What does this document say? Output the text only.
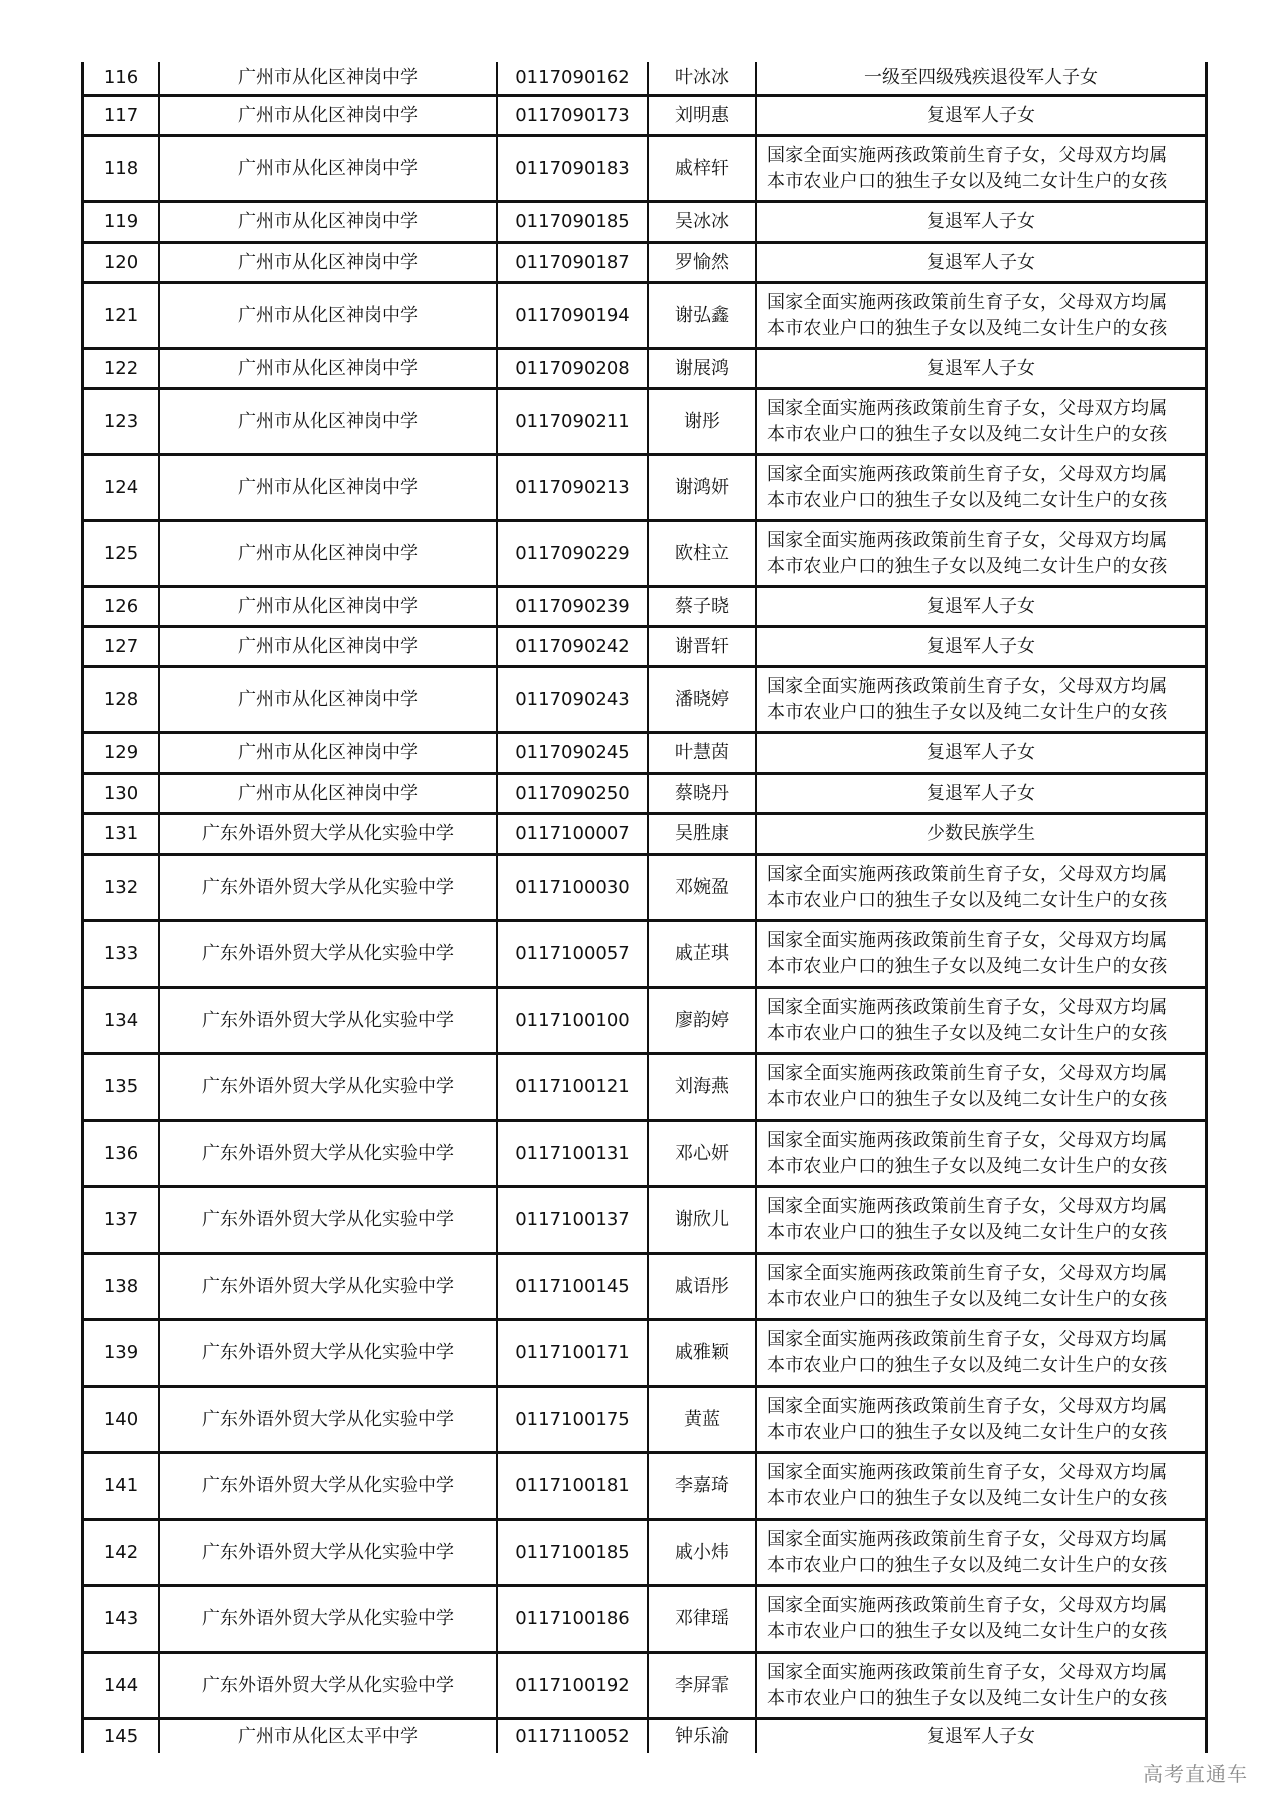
116	广州市从化区神岗中学	0117090162	叶冰冰	一级至四级残疾退役军人子女
117	广州市从化区神岗中学	0117090173	刘明惠	复退军人子女
118	广州市从化区神岗中学	0117090183	戚梓轩
国家全面实施两孩政策前生育子女，父母双方均属
本市农业户口的独生子女以及纯二女计生户的女孩
119	广州市从化区神岗中学	0117090185	吴冰冰	复退军人子女
120	广州市从化区神岗中学	0117090187	罗愉然	复退军人子女
121	广州市从化区神岗中学	0117090194	谢弘鑫
国家全面实施两孩政策前生育子女，父母双方均属
本市农业户口的独生子女以及纯二女计生户的女孩
122	广州市从化区神岗中学	0117090208	谢展鸿	复退军人子女
123	广州市从化区神岗中学	0117090211	谢彤
国家全面实施两孩政策前生育子女，父母双方均属
本市农业户口的独生子女以及纯二女计生户的女孩
124	广州市从化区神岗中学	0117090213	谢鸿妍
国家全面实施两孩政策前生育子女，父母双方均属
本市农业户口的独生子女以及纯二女计生户的女孩
125	广州市从化区神岗中学	0117090229	欧柱立
国家全面实施两孩政策前生育子女，父母双方均属
本市农业户口的独生子女以及纯二女计生户的女孩
126	广州市从化区神岗中学	0117090239	蔡子晓	复退军人子女
127	广州市从化区神岗中学	0117090242	谢晋轩	复退军人子女
128	广州市从化区神岗中学	0117090243	潘晓婷
国家全面实施两孩政策前生育子女，父母双方均属
本市农业户口的独生子女以及纯二女计生户的女孩
129	广州市从化区神岗中学	0117090245	叶慧茵	复退军人子女
130	广州市从化区神岗中学	0117090250	蔡晓丹	复退军人子女
131	广东外语外贸大学从化实验中学	0117100007	吴胜康	少数民族学生
132	广东外语外贸大学从化实验中学	0117100030	邓婉盈
国家全面实施两孩政策前生育子女，父母双方均属
本市农业户口的独生子女以及纯二女计生户的女孩
133	广东外语外贸大学从化实验中学	0117100057	戚芷琪
国家全面实施两孩政策前生育子女，父母双方均属
本市农业户口的独生子女以及纯二女计生户的女孩
134	广东外语外贸大学从化实验中学	0117100100	廖韵婷
国家全面实施两孩政策前生育子女，父母双方均属
本市农业户口的独生子女以及纯二女计生户的女孩
135	广东外语外贸大学从化实验中学	0117100121	刘海燕
国家全面实施两孩政策前生育子女，父母双方均属
本市农业户口的独生子女以及纯二女计生户的女孩
136	广东外语外贸大学从化实验中学	0117100131	邓心妍
国家全面实施两孩政策前生育子女，父母双方均属
本市农业户口的独生子女以及纯二女计生户的女孩
137	广东外语外贸大学从化实验中学	0117100137	谢欣儿
国家全面实施两孩政策前生育子女，父母双方均属
本市农业户口的独生子女以及纯二女计生户的女孩
138	广东外语外贸大学从化实验中学	0117100145	戚语彤
国家全面实施两孩政策前生育子女，父母双方均属
本市农业户口的独生子女以及纯二女计生户的女孩
139	广东外语外贸大学从化实验中学	0117100171	戚雅颖
国家全面实施两孩政策前生育子女，父母双方均属
本市农业户口的独生子女以及纯二女计生户的女孩
140	广东外语外贸大学从化实验中学	0117100175	黄蓝
国家全面实施两孩政策前生育子女，父母双方均属
本市农业户口的独生子女以及纯二女计生户的女孩
141	广东外语外贸大学从化实验中学	0117100181	李嘉琦
国家全面实施两孩政策前生育子女，父母双方均属
本市农业户口的独生子女以及纯二女计生户的女孩
142	广东外语外贸大学从化实验中学	0117100185	戚小炜
国家全面实施两孩政策前生育子女，父母双方均属
本市农业户口的独生子女以及纯二女计生户的女孩
143	广东外语外贸大学从化实验中学	0117100186	邓律瑶
国家全面实施两孩政策前生育子女，父母双方均属
本市农业户口的独生子女以及纯二女计生户的女孩
144	广东外语外贸大学从化实验中学	0117100192	李屏霏
国家全面实施两孩政策前生育子女，父母双方均属
本市农业户口的独生子女以及纯二女计生户的女孩
145	广州市从化区太平中学	0117110052	钟乐渝	复退军人子女
高考直通车
